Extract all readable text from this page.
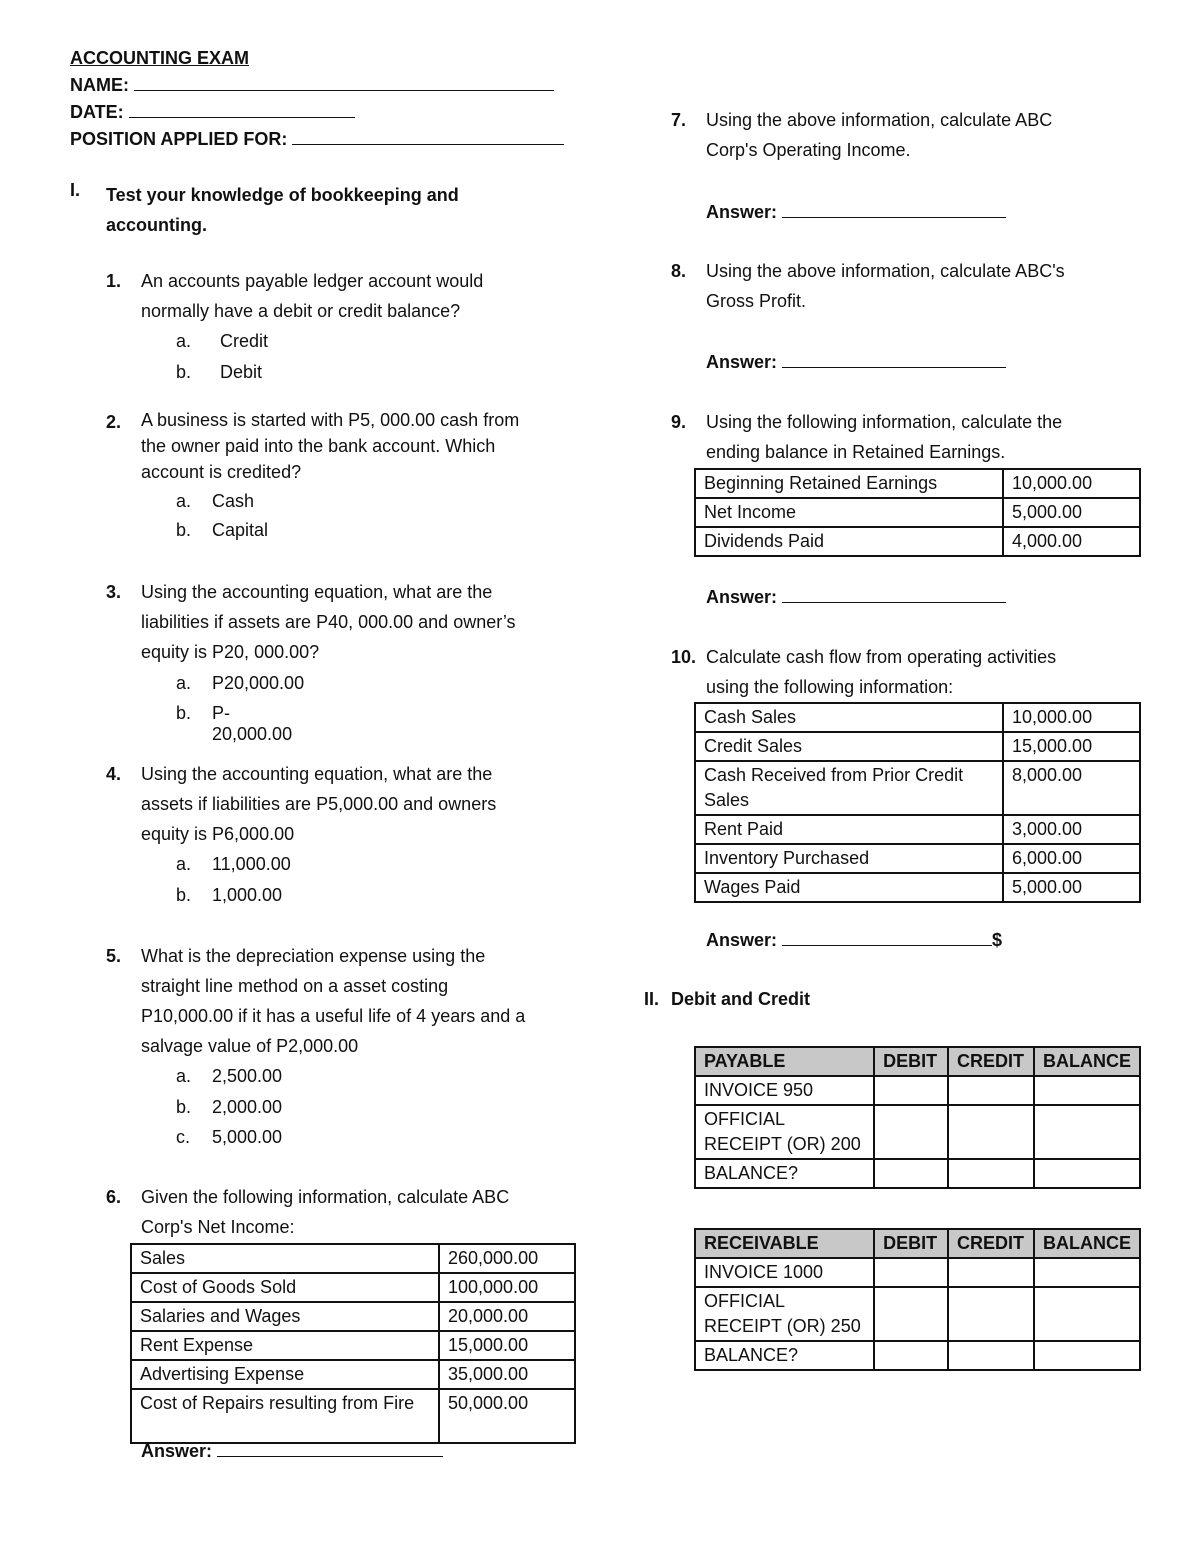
ACCOUNTING EXAM
NAME:
DATE:
POSITION APPLIED FOR:
I. Test your knowledge of bookkeeping and
accounting.
1. An accounts payable ledger account would
normally have a debit or credit balance?
a. Credit
b. Debit
2. A business is started with P5, 000.00 cash from
the owner paid into the bank account. Which
account is credited?
a. Cash
b. Capital
3. Using the accounting equation, what are the
liabilities if assets are P40, 000.00 and owner’s
equity is P20, 000.00?
a. P20,000.00
b. P-20,000.00
4. Using the accounting equation, what are the
assets if liabilities are P5,000.00 and owners
equity is P6,000.00
a. 11,000.00
b. 1,000.00
5. What is the depreciation expense using the
straight line method on a asset costing
P10,000.00 if it has a useful life of 4 years and a
salvage value of P2,000.00
a. 2,500.00
b. 2,000.00
c. 5,000.00
6. Given the following information, calculate ABC
Corp's Net Income:
Sales	260,000.00
Cost of Goods Sold	100,000.00
Salaries and Wages	20,000.00
Rent Expense	15,000.00
Advertising Expense	35,000.00
Cost of Repairs resulting from Fire	50,000.00
Answer:
7. Using the above information, calculate ABC
Corp's Operating Income.
Answer:
8. Using the above information, calculate ABC's
Gross Profit.
Answer:
9. Using the following information, calculate the
ending balance in Retained Earnings.
Beginning Retained Earnings	10,000.00
Net Income	5,000.00
Dividends Paid	4,000.00
Answer:
10. Calculate cash flow from operating activities
using the following information:
Cash Sales	10,000.00
Credit Sales	15,000.00
Cash Received from Prior Credit Sales	8,000.00
Rent Paid	3,000.00
Inventory Purchased	6,000.00
Wages Paid	5,000.00
Answer:	$
II. Debit and Credit
PAYABLE	DEBIT	CREDIT	BALANCE
INVOICE 950			
OFFICIAL RECEIPT (OR) 200			
BALANCE?			
RECEIVABLE	DEBIT	CREDIT	BALANCE
INVOICE 1000			
OFFICIAL RECEIPT (OR) 250			
BALANCE?			
